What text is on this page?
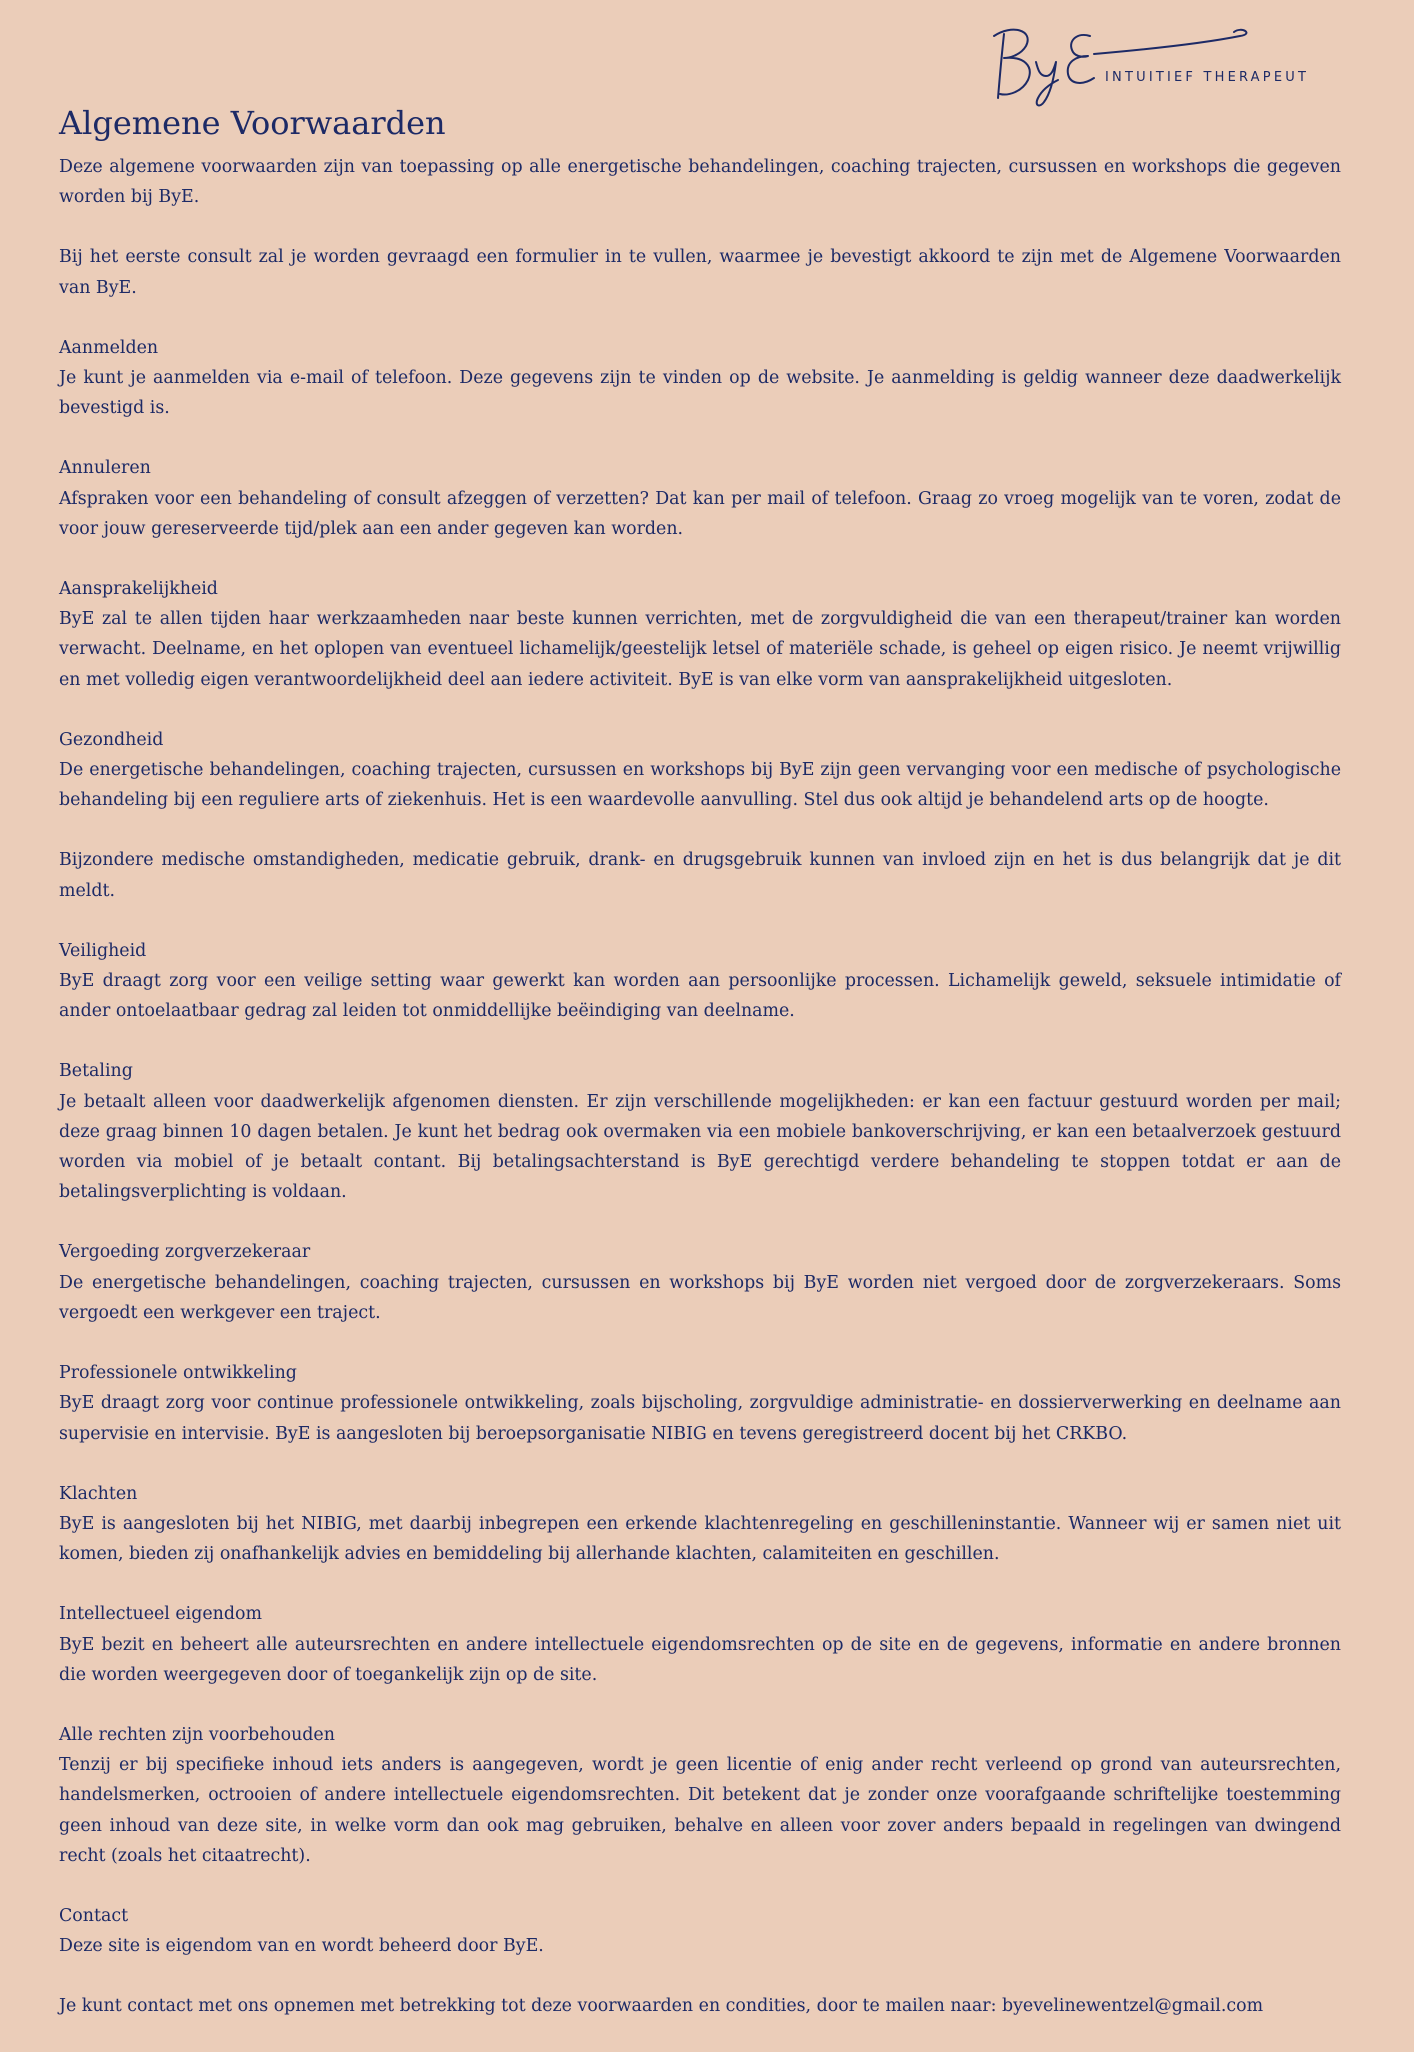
INTUITIEF THERAPEUT
Algemene Voorwaarden

Deze algemene voorwaarden zijn van toepassing op alle energetische behandelingen, coaching trajecten, cursussen en workshops die gegeven worden bij ByE.

Bij het eerste consult zal je worden gevraagd een formulier in te vullen, waarmee je bevestigt akkoord te zijn met de Algemene Voorwaarden van ByE.

Aanmelden

Je kunt je aanmelden via e-mail of telefoon. Deze gegevens zijn te vinden op de website. Je aanmelding is geldig wanneer deze daadwerkelijk bevestigd is.

Annuleren

Afspraken voor een behandeling of consult afzeggen of verzetten? Dat kan per mail of telefoon. Graag zo vroeg mogelijk van te voren, zodat de voor jouw gereserveerde tijd/plek aan een ander gegeven kan worden.

Aansprakelijkheid

ByE zal te allen tijden haar werkzaamheden naar beste kunnen verrichten, met de zorgvuldigheid die van een therapeut/trainer kan worden verwacht. Deelname, en het oplopen van eventueel lichamelijk/geestelijk letsel of materiële schade, is geheel op eigen risico. Je neemt vrijwillig en met volledig eigen verantwoordelijkheid deel aan iedere activiteit. ByE is van elke vorm van aansprakelijkheid uitgesloten.

Gezondheid

De energetische behandelingen, coaching trajecten, cursussen en workshops bij ByE zijn geen vervanging voor een medische of psychologische behandeling bij een reguliere arts of ziekenhuis. Het is een waardevolle aanvulling. Stel dus ook altijd je behandelend arts op de hoogte.

Bijzondere medische omstandigheden, medicatie gebruik, drank- en drugsgebruik kunnen van invloed zijn en het is dus belangrijk dat je dit meldt.

Veiligheid

ByE draagt zorg voor een veilige setting waar gewerkt kan worden aan persoonlijke processen. Lichamelijk geweld, seksuele intimidatie of ander ontoelaatbaar gedrag zal leiden tot onmiddellijke beëindiging van deelname.

Betaling

Je betaalt alleen voor daadwerkelijk afgenomen diensten. Er zijn verschillende mogelijkheden: er kan een factuur gestuurd worden per mail; deze graag binnen 10 dagen betalen. Je kunt het bedrag ook overmaken via een mobiele bankoverschrijving, er kan een betaalverzoek gestuurd worden via mobiel of je betaalt contant. Bij betalingsachterstand is ByE gerechtigd verdere behandeling te stoppen totdat er aan de betalingsverplichting is voldaan.

Vergoeding zorgverzekeraar

De energetische behandelingen, coaching trajecten, cursussen en workshops bij ByE worden niet vergoed door de zorgverzekeraars. Soms vergoedt een werkgever een traject.

Professionele ontwikkeling

ByE draagt zorg voor continue professionele ontwikkeling, zoals bijscholing, zorgvuldige administratie- en dossierverwerking en deelname aan supervisie en intervisie. ByE is aangesloten bij beroepsorganisatie NIBIG en tevens geregistreerd docent bij het CRKBO.

Klachten

ByE is aangesloten bij het NIBIG, met daarbij inbegrepen een erkende klachtenregeling en geschilleninstantie. Wanneer wij er samen niet uit komen, bieden zij onafhankelijk advies en bemiddeling bij allerhande klachten, calamiteiten en geschillen.

Intellectueel eigendom

ByE bezit en beheert alle auteursrechten en andere intellectuele eigendomsrechten op de site en de gegevens, informatie en andere bronnen die worden weergegeven door of toegankelijk zijn op de site.

Alle rechten zijn voorbehouden

Tenzij er bij specifieke inhoud iets anders is aangegeven, wordt je geen licentie of enig ander recht verleend op grond van auteursrechten, handelsmerken, octrooien of andere intellectuele eigendomsrechten. Dit betekent dat je zonder onze voorafgaande schriftelijke toestemming geen inhoud van deze site, in welke vorm dan ook mag gebruiken, behalve en alleen voor zover anders bepaald in regelingen van dwingend recht (zoals het citaatrecht).

Contact

Deze site is eigendom van en wordt beheerd door ByE.

Je kunt contact met ons opnemen met betrekking tot deze voorwaarden en condities, door te mailen naar: byevelinewentzel@gmail.com
